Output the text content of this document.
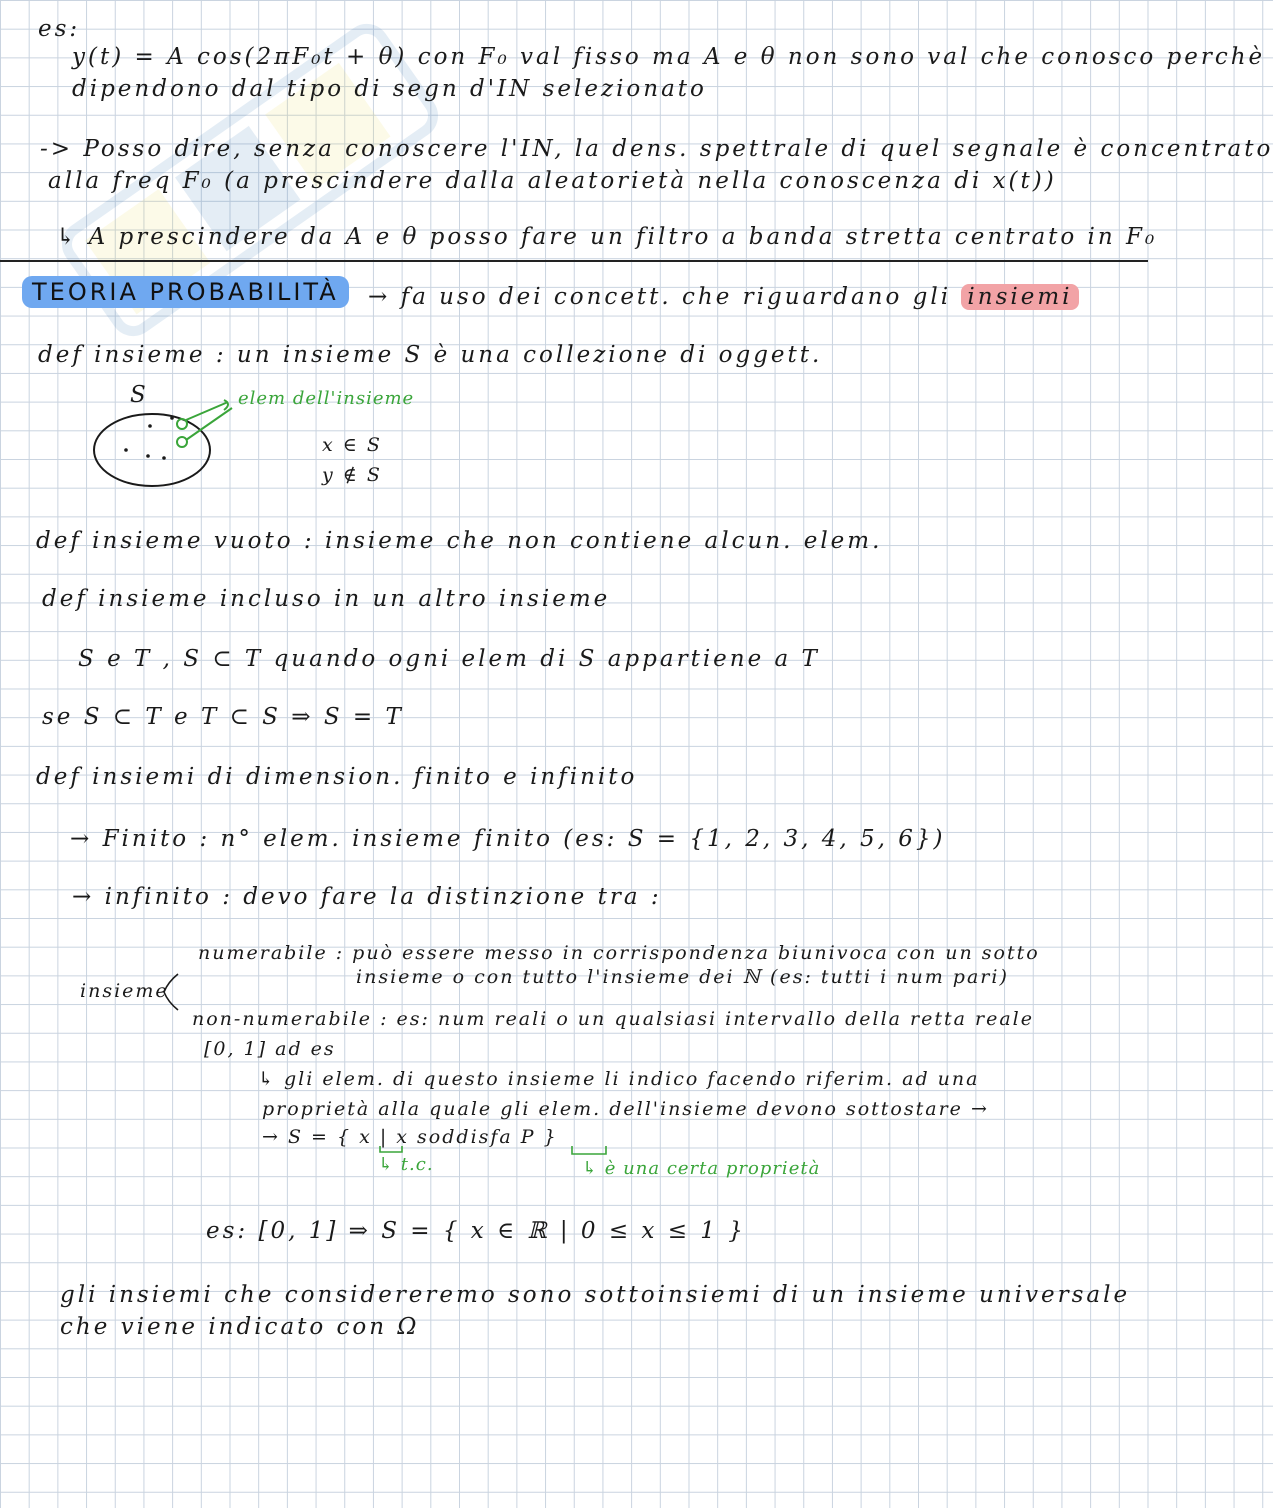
es:
y(t) = A cos(2πF₀t + θ) con F₀ val fisso ma A e θ non sono val che conosco perchè
dipendono dal tipo di segn d'IN selezionato
-> Posso dire, senza conoscere l'IN, la dens. spettrale di quel segnale è concentrato
alla freq F₀ (a prescindere dalla aleatorietà nella conoscenza di x(t))
↳ A prescindere da A e θ posso fare un filtro a banda stretta centrato in F₀
TEORIA PROBABILITÀ	→ fa uso dei concett. che riguardano gli insiemi
def insieme : un insieme S è una collezione di oggett.
S	elem dell'insieme
x ∈ S
y ∉ S
def insieme vuoto : insieme che non contiene alcun. elem.
def insieme incluso in un altro insieme
S e T , S ⊂ T quando ogni elem di S appartiene a T
se S ⊂ T e T ⊂ S ⇒ S = T
def insiemi di dimension. finito e infinito
→ Finito : n° elem. insieme finito (es: S = {1, 2, 3, 4, 5, 6})
→ infinito : devo fare la distinzione tra :
numerabile : può essere messo in corrispondenza biunivoca con un sotto
insieme o con tutto l'insieme dei ℕ (es: tutti i num pari)
insieme
non-numerabile : es: num reali o un qualsiasi intervallo della retta reale
[0, 1] ad es
↳ gli elem. di questo insieme li indico facendo riferim. ad una
proprietà alla quale gli elem. dell'insieme devono sottostare →
→ S = { x | x soddisfa P }
↳ t.c.	↳ è una certa proprietà
es: [0, 1] ⇒ S = { x ∈ ℝ | 0 ≤ x ≤ 1 }
gli insiemi che considereremo sono sottoinsiemi di un insieme universale
che viene indicato con Ω
